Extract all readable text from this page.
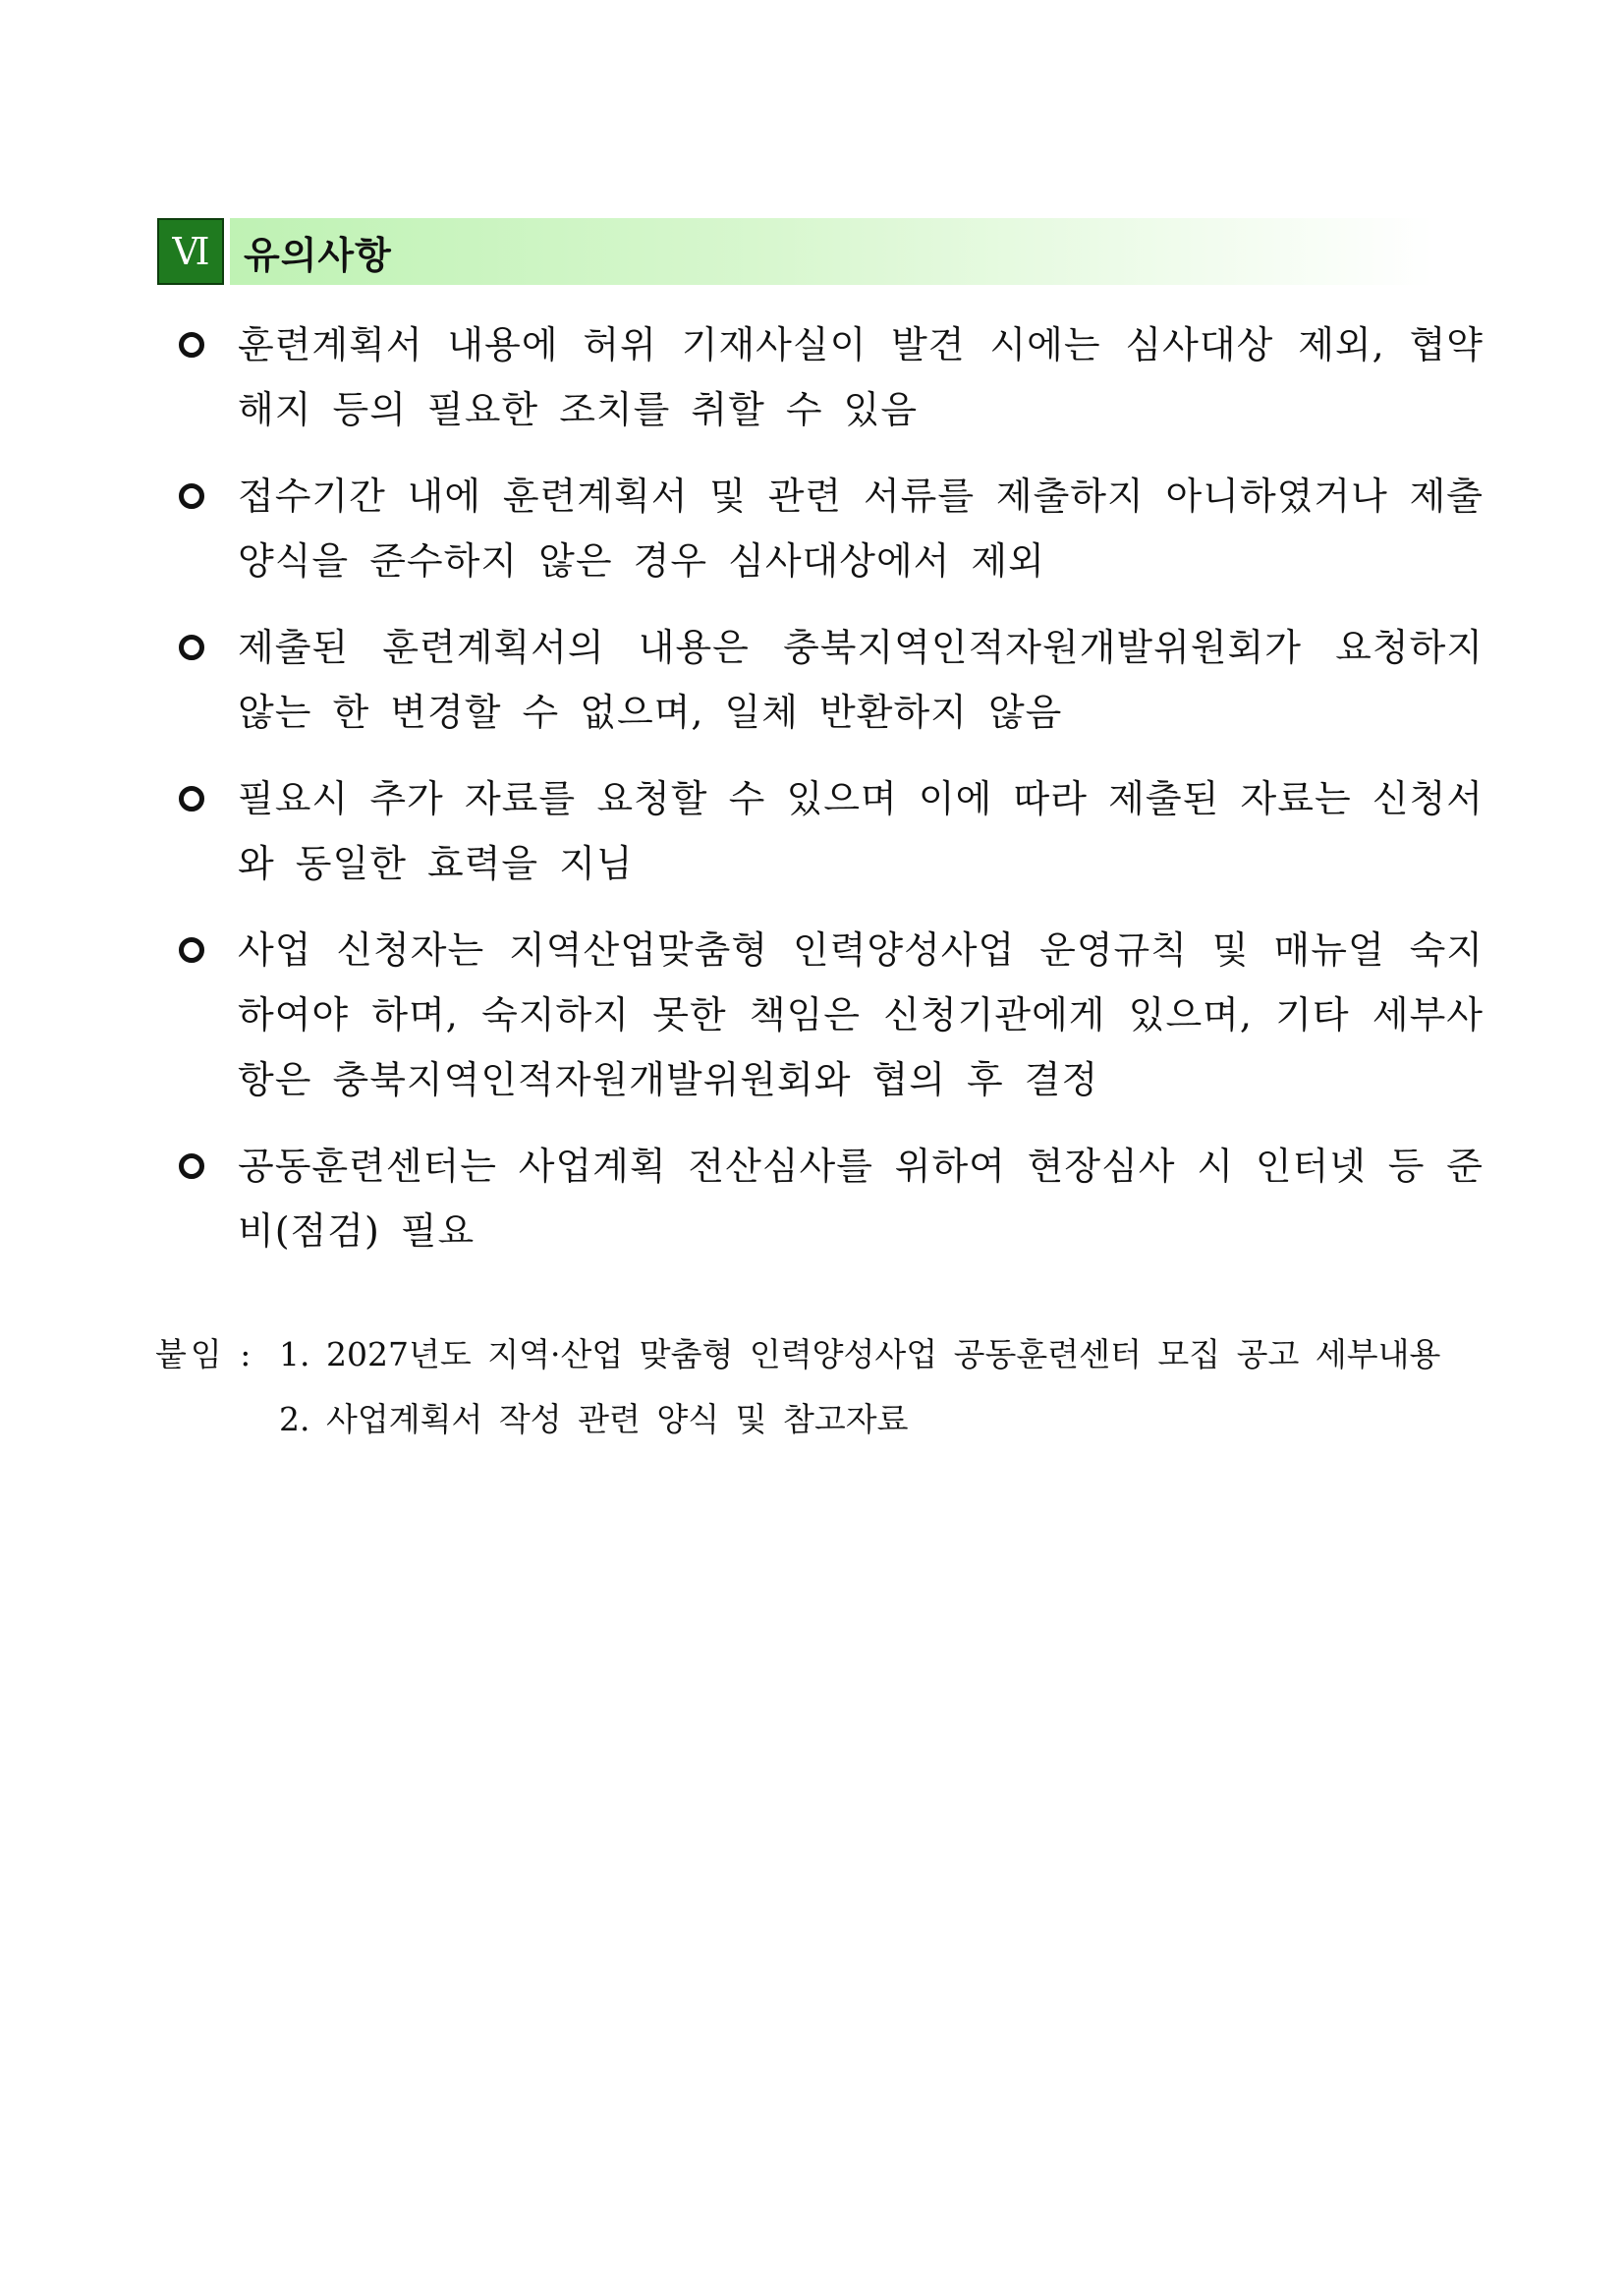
Ⅵ 유의사항
훈련계획서 내용에 허위 기재사실이 발견 시에는 심사대상 제외, 협약 해지 등의 필요한 조치를 취할 수 있음
접수기간 내에 훈련계획서 및 관련 서류를 제출하지 아니하였거나 제출양식을 준수하지 않은 경우 심사대상에서 제외
제출된 훈련계획서의 내용은 충북지역인적자원개발위원회가 요청하지 않는 한 변경할 수 없으며, 일체 반환하지 않음
필요시 추가 자료를 요청할 수 있으며 이에 따라 제출된 자료는 신청서와 동일한 효력을 지님
사업 신청자는 지역산업맞춤형 인력양성사업 운영규칙 및 매뉴얼 숙지하여야 하며, 숙지하지 못한 책임은 신청기관에게 있으며, 기타 세부사항은 충북지역인적자원개발위원회와 협의 후 결정
공동훈련센터는 사업계획 전산심사를 위하여 현장심사 시 인터넷 등 준비(점검) 필요
붙임 : 1. 2027년도 지역·산업 맞춤형 인력양성사업 공동훈련센터 모집 공고 세부내용
2. 사업계획서 작성 관련 양식 및 참고자료
